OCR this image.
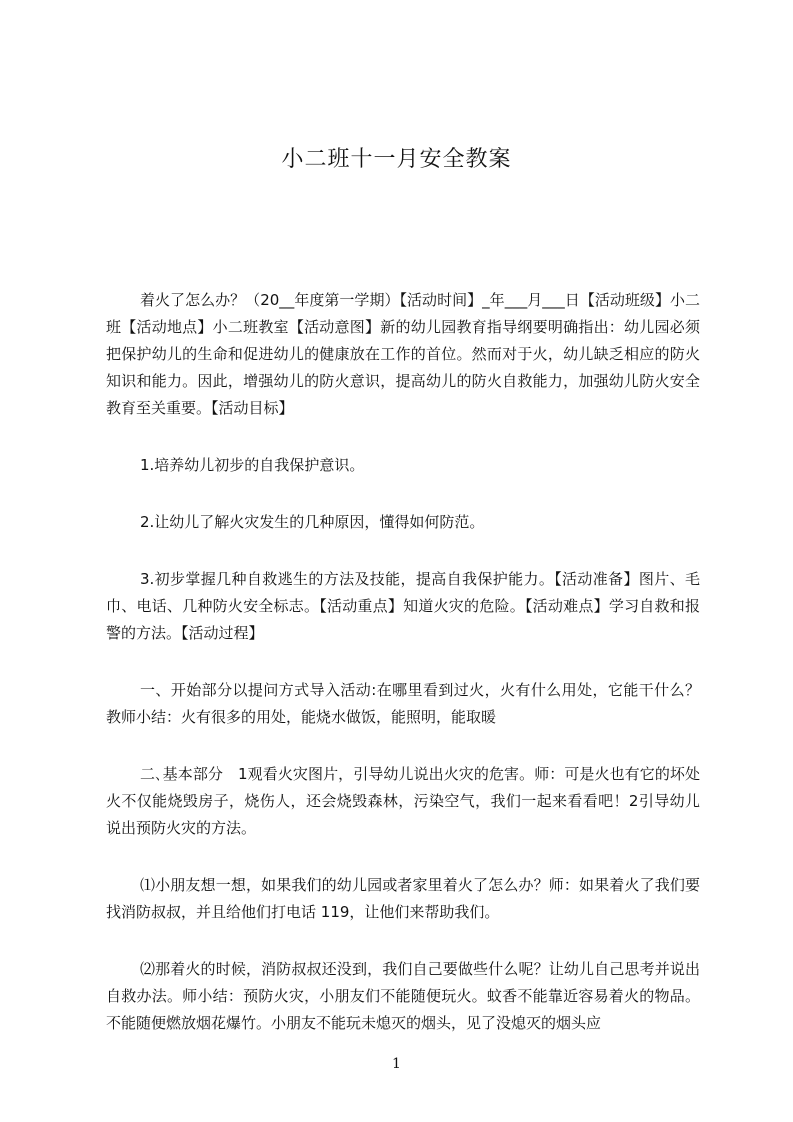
小二班十一月安全教案

着火了怎么办？（20__年度第一学期）【活动时间】_年___月___日【活动班级】小二班【活动地点】小二班教室【活动意图】新的幼儿园教育指导纲要明确指出：幼儿园必须把保护幼儿的生命和促进幼儿的健康放在工作的首位。然而对于火，幼儿缺乏相应的防火知识和能力。因此，增强幼儿的防火意识，提高幼儿的防火自救能力，加强幼儿防火安全教育至关重要。【活动目标】

1.培养幼儿初步的自我保护意识。

2.让幼儿了解火灾发生的几种原因，懂得如何防范。

3.初步掌握几种自救逃生的方法及技能，提高自我保护能力。【活动准备】图片、毛巾、电话、几种防火安全标志。【活动重点】知道火灾的危险。【活动难点】学习自救和报警的方法。【活动过程】

一、开始部分以提问方式导入活动:在哪里看到过火，火有什么用处，它能干什么？教师小结：火有很多的用处，能烧水做饭，能照明，能取暖

二､基本部分　1观看火灾图片，引导幼儿说出火灾的危害。师：可是火也有它的坏处火不仅能烧毁房子，烧伤人，还会烧毁森林，污染空气，我们一起来看看吧！2引导幼儿说出预防火灾的方法。

⑴小朋友想一想，如果我们的幼儿园或者家里着火了怎么办？师：如果着火了我们要找消防叔叔，并且给他们打电话 119，让他们来帮助我们。

⑵那着火的时候，消防叔叔还没到，我们自己要做些什么呢？让幼儿自己思考并说出自救办法。师小结：预防火灾，小朋友们不能随便玩火。蚊香不能靠近容易着火的物品。不能随便燃放烟花爆竹。小朋友不能玩未熄灭的烟头，见了没熄灭的烟头应

1
